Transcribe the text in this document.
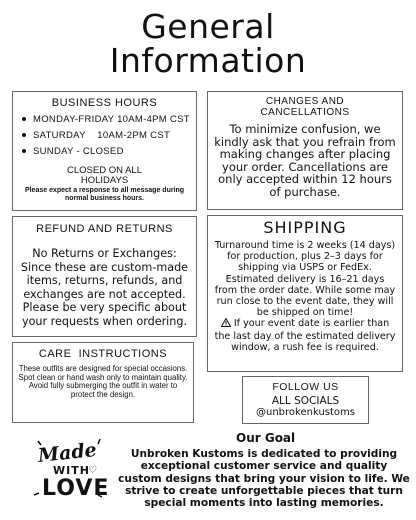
General
Information
BUSINESS HOURS
MONDAY-FRIDAY 10AM-4PM CST
SATURDAY    10AM-2PM CST
SUNDAY - CLOSED
CLOSED ON ALL
HOLIDAYS
Please expect a response to all message during normal business hours.
CHANGES AND
CANCELLATIONS
To minimize confusion, we kindly ask that you refrain from making changes after placing your order. Cancellations are only accepted within 12 hours of purchase.
REFUND AND RETURNS
No Returns or Exchanges: Since these are custom-made items, returns, refunds, and exchanges are not accepted. Please be very specific about your requests when ordering.
SHIPPING
Turnaround time is 2 weeks (14 days) for production, plus 2–3 days for shipping via USPS or FedEx. Estimated delivery is 16–21 days from the order date. While some may run close to the event date, they will be shipped on time!
If your event date is earlier than the last day of the estimated delivery window, a rush fee is required.
CARE  INSTRUCTIONS
These outfits are designed for special occasions.
Spot clean or hand wash only to maintain quality.
Avoid fully submerging the outfit in water to protect the design.
FOLLOW US
ALL SOCIALS
@unbrokenkustoms
Made
WITH
LOVE
♡
Our Goal
Unbroken Kustoms is dedicated to providing exceptional customer service and quality custom designs that bring your vision to life. We strive to create unforgettable pieces that turn special moments into lasting memories.
